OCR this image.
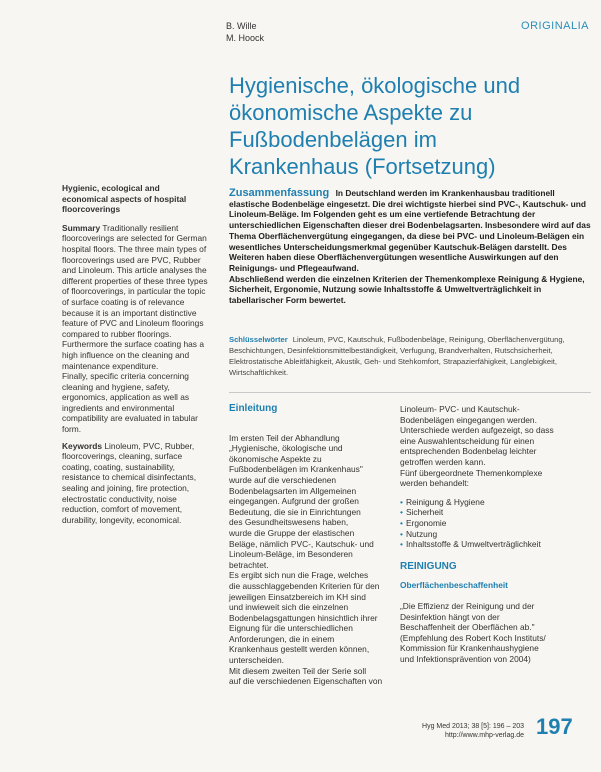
B. Wille
M. Hoock
ORIGINALIA
Hygienische, ökologische und
ökonomische Aspekte zu
Fußbodenbelägen im
Krankenhaus (Fortsetzung)
Hygienic, ecological and
economical aspects of hospital
floorcoverings

Summary Traditionally resilient floorcoverings are selected for German hospital floors. The three main types of floorcoverings used are PVC, Rubber and Linoleum. This article analyses the different properties of these three types of floorcoverings, in particular the topic of surface coating is of relevance because it is an important distinctive feature of PVC and Linoleum floorings compared to rubber floorings. Furthermore the surface coating has a high influence on the cleaning and maintenance expenditure.
Finally, specific criteria concerning cleaning and hygiene, safety, ergonomics, application as well as ingredients and environmental compatibility are evaluated in tabular form.

Keywords Linoleum, PVC, Rubber, floorcoverings, cleaning, surface coating, coating, sustainability, resistance to chemical disinfectants, sealing and joining, fire protection, electrostatic conductivity, noise reduction, comfort of movement, durability, longevity, economical.

Zusammenfassung In Deutschland werden im Krankenhausbau traditionell elastische Bodenbeläge eingesetzt. Die drei wichtigste hierbei sind PVC-, Kautschuk- und Linoleum-Beläge. Im Folgenden geht es um eine vertiefende Betrachtung der unterschiedlichen Eigenschaften dieser drei Bodenbelagsarten. Insbesondere wird auf das Thema Oberflächenvergütung eingegangen, da diese bei PVC- und Linoleum-Belägen ein wesentliches Unterscheidungsmerkmal gegenüber Kautschuk-Belägen darstellt. Des Weiteren haben diese Oberflächenvergütungen wesentliche Auswirkungen auf den Reinigungs- und Pflegeaufwand.
Abschließend werden die einzelnen Kriterien der Themenkomplexe Reinigung & Hygiene, Sicherheit, Ergonomie, Nutzung sowie Inhaltsstoffe & Umweltverträglichkeit in tabellarischer Form bewertet.
Schlüsselwörter Linoleum, PVC, Kautschuk, Fußbodenbeläge, Reinigung, Oberflächenvergütung, Beschichtungen, Desinfektionsmittelbeständigkeit, Verfugung, Brandverhalten, Rutschsicherheit, Elektrostatische Ableitfähigkeit, Akustik, Geh- und Stehkomfort, Strapazierfähigkeit, Langlebigkeit, Wirtschaftlichkeit.
Einleitung
Im ersten Teil der Abhandlung
„Hygienische, ökologische und
ökonomische Aspekte zu
Fußbodenbelägen im Krankenhaus"
wurde auf die verschiedenen
Bodenbelagsarten im Allgemeinen
eingegangen. Aufgrund der großen
Bedeutung, die sie in Einrichtungen
des Gesundheitswesens haben,
wurde die Gruppe der elastischen
Beläge, nämlich PVC-, Kautschuk- und
Linoleum-Beläge, im Besonderen
betrachtet.
Es ergibt sich nun die Frage, welches
die ausschlaggebenden Kriterien für den
jeweiligen Einsatzbereich im KH sind
und inwieweit sich die einzelnen
Bodenbelagsgattungen hinsichtlich ihrer
Eignung für die unterschiedlichen
Anforderungen, die in einem
Krankenhaus gestellt werden können,
unterscheiden.
Mit diesem zweiten Teil der Serie soll
auf die verschiedenen Eigenschaften von
Linoleum- PVC- und Kautschuk-
Bodenbelägen eingegangen werden.
Unterschiede werden aufgezeigt, so dass
eine Auswahlentscheidung für einen
entsprechenden Bodenbelag leichter
getroffen werden kann.
Fünf übergeordnete Themenkomplexe
werden behandelt:
• Reinigung & Hygiene
• Sicherheit
• Ergonomie
• Nutzung
• Inhaltsstoffe & Umweltverträglichkeit
REINIGUNG
Oberflächenbeschaffenheit
„Die Effizienz der Reinigung und der
Desinfektion hängt von der
Beschaffenheit der Oberflächen ab."
(Empfehlung des Robert Koch Instituts/
Kommission für Krankenhaushygiene
und Infektionsprävention von 2004)
Hyg Med 2013; 38 [5]: 196 – 203
http://www.mhp-verlag.de 197
